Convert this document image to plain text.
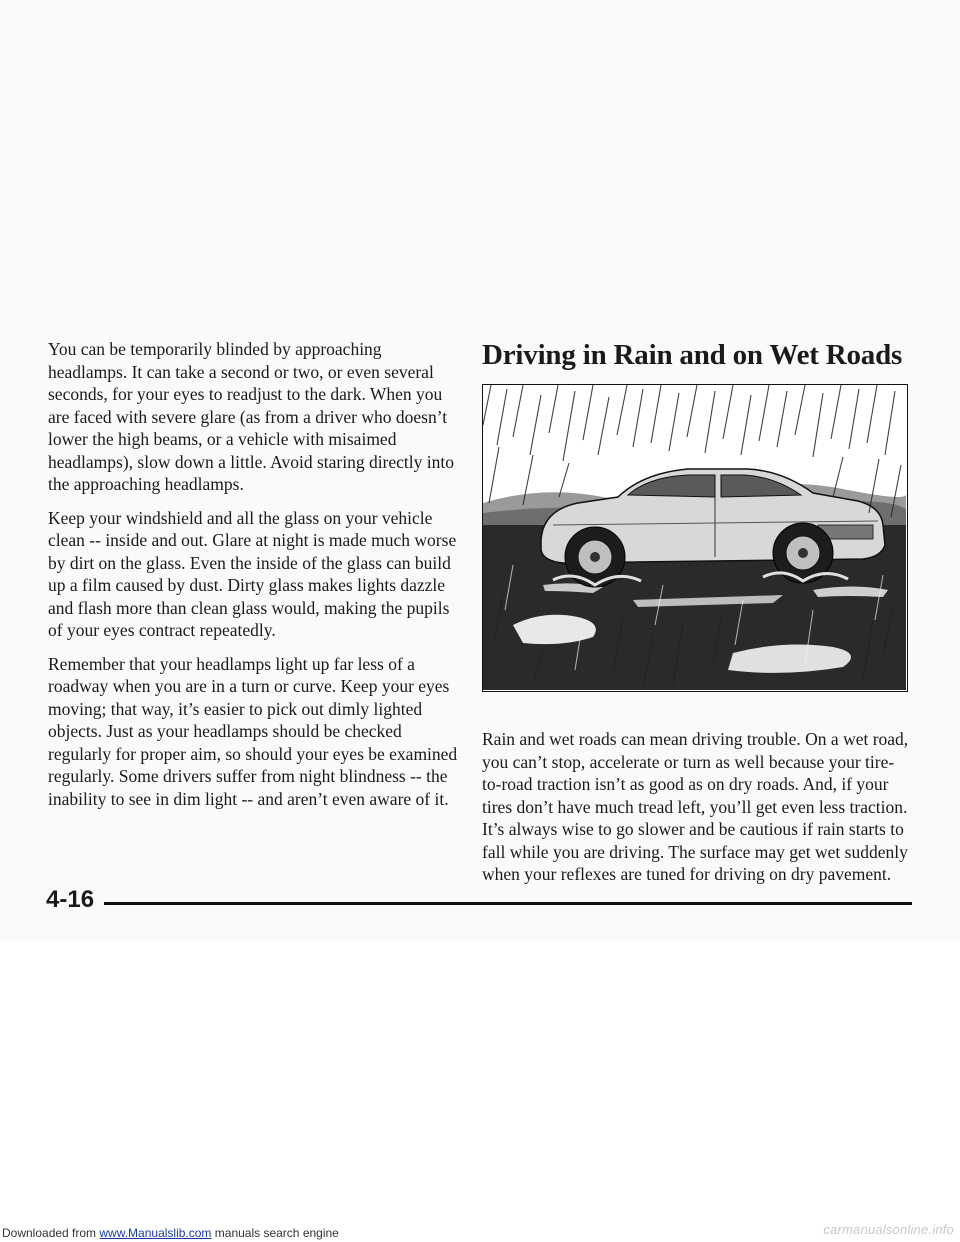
You can be temporarily blinded by approaching headlamps. It can take a second or two, or even several seconds, for your eyes to readjust to the dark. When you are faced with severe glare (as from a driver who doesn’t lower the high beams, or a vehicle with misaimed headlamps), slow down a little. Avoid staring directly into the approaching headlamps.

Keep your windshield and all the glass on your vehicle clean -- inside and out. Glare at night is made much worse by dirt on the glass. Even the inside of the glass can build up a film caused by dust. Dirty glass makes lights dazzle and flash more than clean glass would, making the pupils of your eyes contract repeatedly.

Remember that your headlamps light up far less of a roadway when you are in a turn or curve. Keep your eyes moving; that way, it’s easier to pick out dimly lighted objects. Just as your headlamps should be checked regularly for proper aim, so should your eyes be examined regularly. Some drivers suffer from night blindness -- the inability to see in dim light -- and aren’t even aware of it.

Driving in Rain and on Wet Roads

Rain and wet roads can mean driving trouble. On a wet road, you can’t stop, accelerate or turn as well because your tire-to-road traction isn’t as good as on dry roads. And, if your tires don’t have much tread left, you’ll get even less traction. It’s always wise to go slower and be cautious if rain starts to fall while you are driving. The surface may get wet suddenly when your reflexes are tuned for driving on dry pavement.

4-16
Downloaded from www.Manualslib.com manuals search engine	carmanualsonline.info
